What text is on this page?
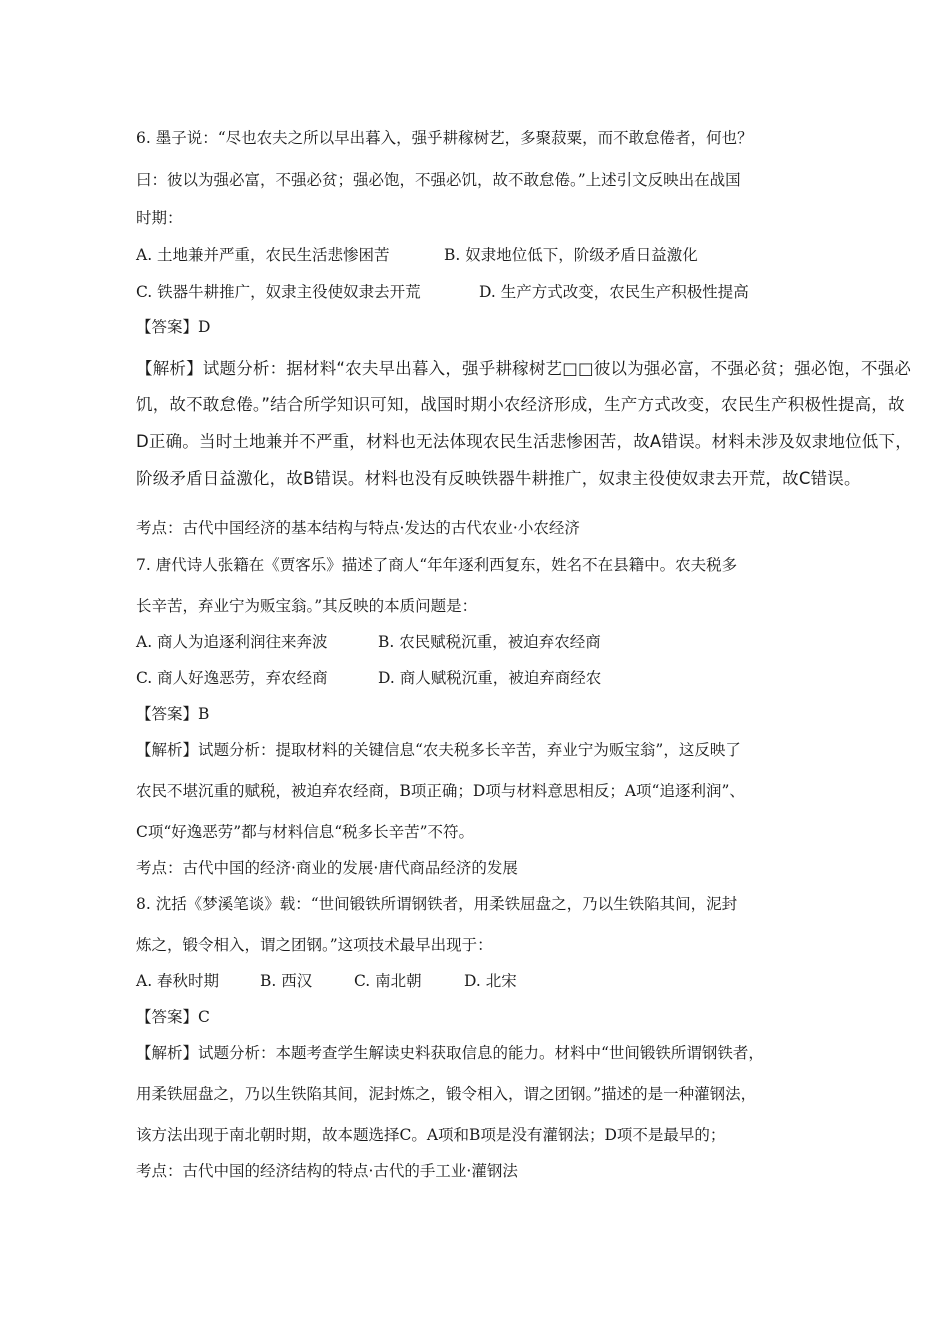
6. 墨子说：“尽也农夫之所以早出暮入，强乎耕稼树艺，多聚菽粟，而不敢怠倦者，何也？
曰：彼以为强必富，不强必贫；强必饱，不强必饥，故不敢怠倦。”上述引文反映出在战国
时期：
A. 土地兼并严重，农民生活悲惨困苦	B. 奴隶地位低下，阶级矛盾日益激化
C. 铁器牛耕推广，奴隶主役使奴隶去开荒	D. 生产方式改变，农民生产积极性提高
【答案】D
【解析】试题分析：据材料“农夫早出暮入，强乎耕稼树艺□□彼以为强必富，不强必贫；强必饱，不强必
饥，故不敢怠倦。”结合所学知识可知，战国时期小农经济形成，生产方式改变，农民生产积极性提高，故
D正确。当时土地兼并不严重，材料也无法体现农民生活悲惨困苦，故A错误。材料未涉及奴隶地位低下，
阶级矛盾日益激化，故B错误。材料也没有反映铁器牛耕推广，奴隶主役使奴隶去开荒，故C错误。
考点：古代中国经济的基本结构与特点·发达的古代农业·小农经济
7. 唐代诗人张籍在《贾客乐》描述了商人“年年逐利西复东，姓名不在县籍中。农夫税多
长辛苦，弃业宁为贩宝翁。”其反映的本质问题是：
A. 商人为追逐利润往来奔波	B. 农民赋税沉重，被迫弃农经商
C. 商人好逸恶劳，弃农经商	D. 商人赋税沉重，被迫弃商经农
【答案】B
【解析】试题分析：提取材料的关键信息“农夫税多长辛苦，弃业宁为贩宝翁”，这反映了
农民不堪沉重的赋税，被迫弃农经商，B项正确；D项与材料意思相反；A项“追逐利润”、
C项“好逸恶劳”都与材料信息“税多长辛苦”不符。
考点：古代中国的经济·商业的发展·唐代商品经济的发展
8. 沈括《梦溪笔谈》载：“世间锻铁所谓钢铁者，用柔铁屈盘之，乃以生铁陷其间，泥封
炼之，锻令相入，谓之团钢。”这项技术最早出现于：
A. 春秋时期	B. 西汉	C. 南北朝	D. 北宋
【答案】C
【解析】试题分析：本题考查学生解读史料获取信息的能力。材料中“世间锻铁所谓钢铁者，
用柔铁屈盘之，乃以生铁陷其间，泥封炼之，锻令相入，谓之团钢。”描述的是一种灌钢法，
该方法出现于南北朝时期，故本题选择C。A项和B项是没有灌钢法；D项不是最早的；
考点：古代中国的经济结构的特点·古代的手工业·灌钢法
